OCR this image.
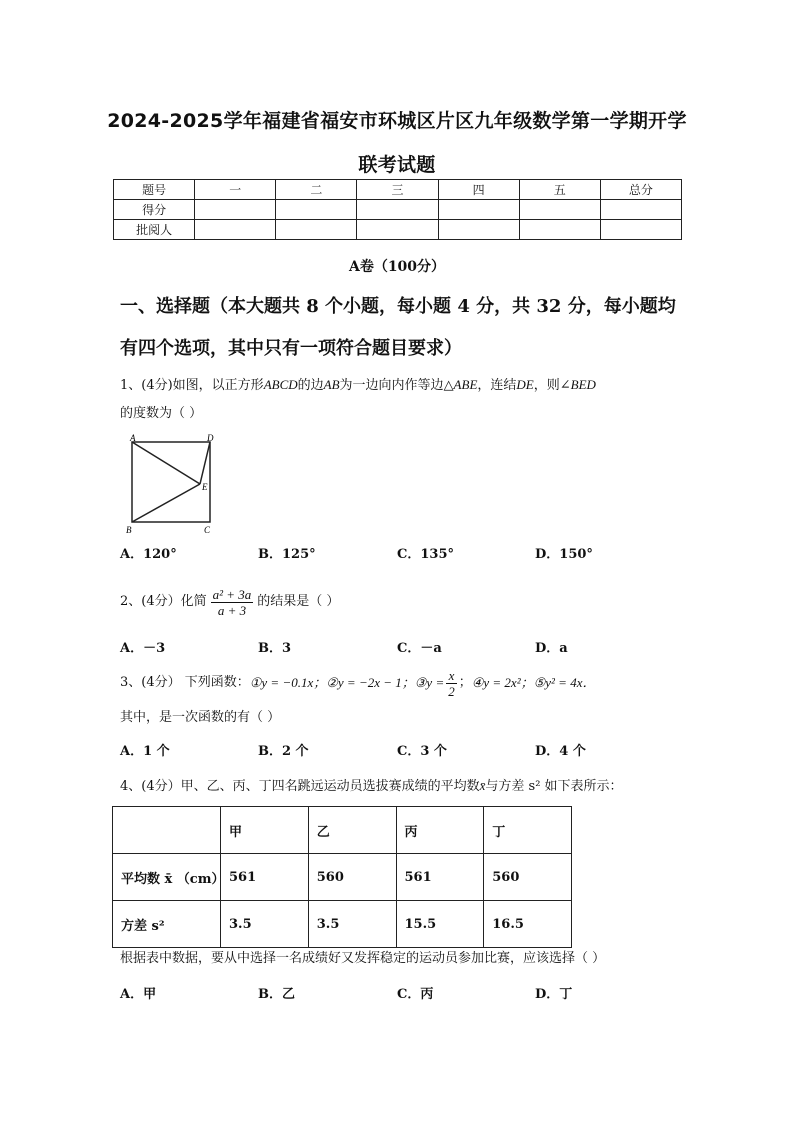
2024-2025学年福建省福安市环城区片区九年级数学第一学期开学
联考试题
题号	一	二	三	四	五	总分
得分						
批阅人						
A卷（100分）
一、选择题（本大题共 8 个小题，每小题 4 分，共 32 分，每小题均
有四个选项，其中只有一项符合题目要求）
1、(4分)如图，以正方形ABCD的边AB为一边向内作等边△ABE，连结DE，则∠BED
的度数为（ ）
A	D
E
B	C
A．120°	B．125°	C．135°	D．150°
2、(4分）化简 $\frac{\text{a² + 3a}}{a + 3}$ 的结果是（ ）
A．－3	B．3	C．－a	D．a
3、(4分） 下列函数： ①y = −0.1x； ②y = −2x − 1； ③y = $\frac{x}{2}$ ； ④y = 2x²； ⑤y² = 4x．
其中，是一次函数的有（ ）
A．1 个	B．2 个	C．3 个	D．4 个
4、(4分）甲、乙、丙、丁四名跳远运动员选拔赛成绩的平均数x̄与方差 s² 如下表所示：
	甲	乙	丙	丁
平均数 x̄ （cm）	561	560	561	560
方差 s²	3.5	3.5	15.5	16.5
根据表中数据，要从中选择一名成绩好又发挥稳定的运动员参加比赛，应该选择（ ）
A．甲	B．乙	C．丙	D．丁
